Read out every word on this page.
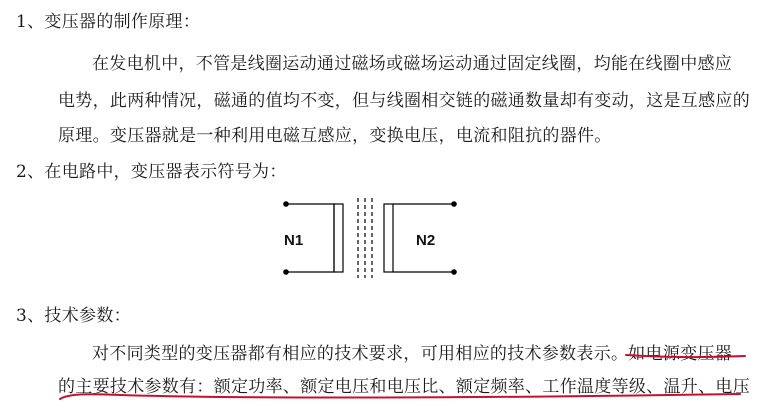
1、变压器的制作原理：
在发电机中，不管是线圈运动通过磁场或磁场运动通过固定线圈，均能在线圈中感应
电势，此两种情况，磁通的值均不变，但与线圈相交链的磁通数量却有变动，这是互感应的
原理。变压器就是一种利用电磁互感应，变换电压，电流和阻抗的器件。
2、在电路中，变压器表示符号为：
N1	N2
3、技术参数：
对不同类型的变压器都有相应的技术要求，可用相应的技术参数表示。如电源变压器
的主要技术参数有：额定功率、额定电压和电压比、额定频率、工作温度等级、温升、电压
